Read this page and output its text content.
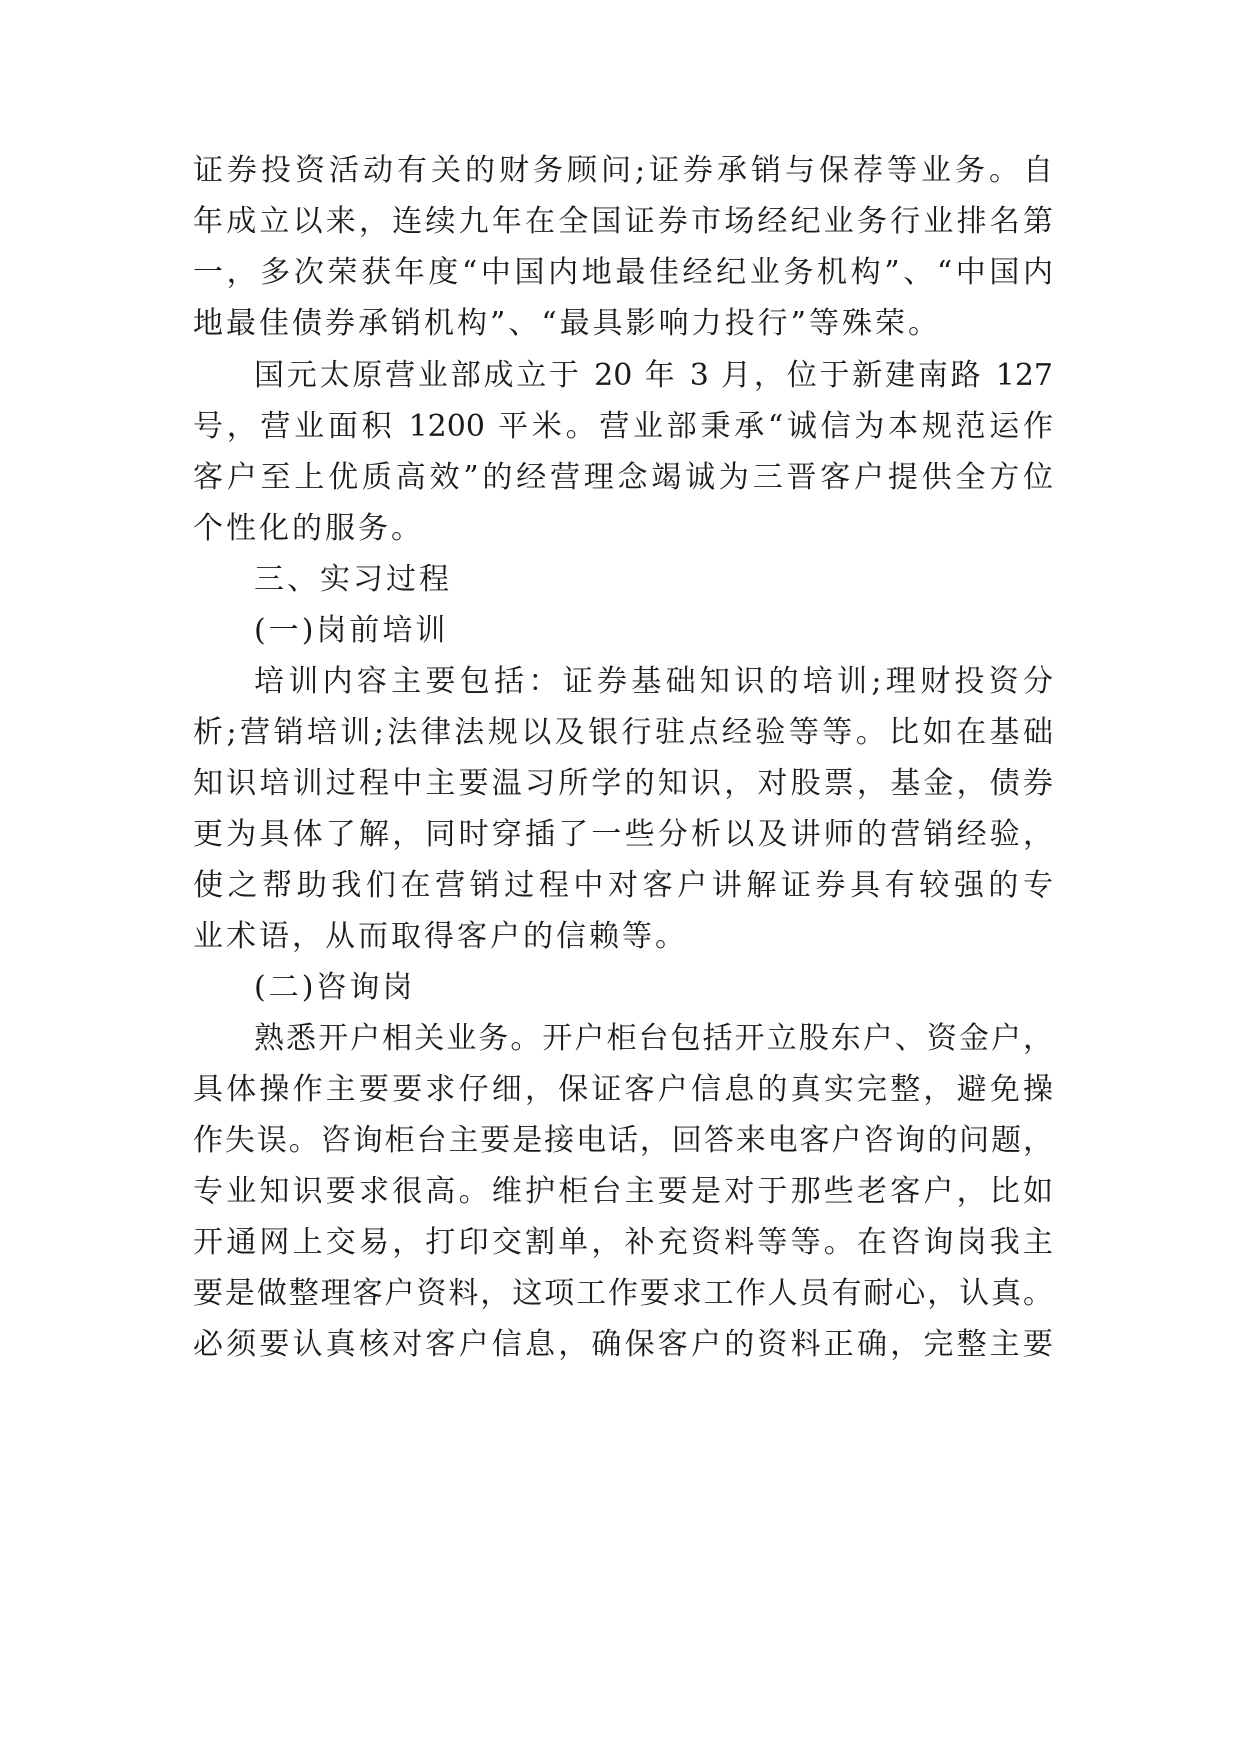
证券投资活动有关的财务顾问;证券承销与保荐等业务。自
年成立以来，连续九年在全国证券市场经纪业务行业排名第
一，多次荣获年度“中国内地最佳经纪业务机构”、“中国内
地最佳债券承销机构”、“最具影响力投行”等殊荣。
国元太原营业部成立于 20 年 3 月，位于新建南路 127
号，营业面积 1200 平米。营业部秉承“诚信为本规范运作
客户至上优质高效”的经营理念竭诚为三晋客户提供全方位
个性化的服务。
三、实习过程
(一)岗前培训
培训内容主要包括：证券基础知识的培训;理财投资分
析;营销培训;法律法规以及银行驻点经验等等。比如在基础
知识培训过程中主要温习所学的知识，对股票，基金，债券
更为具体了解，同时穿插了一些分析以及讲师的营销经验，
使之帮助我们在营销过程中对客户讲解证券具有较强的专
业术语，从而取得客户的信赖等。
(二)咨询岗
熟悉开户相关业务。开户柜台包括开立股东户、资金户，
具体操作主要要求仔细，保证客户信息的真实完整，避免操
作失误。咨询柜台主要是接电话，回答来电客户咨询的问题，
专业知识要求很高。维护柜台主要是对于那些老客户，比如
开通网上交易，打印交割单，补充资料等等。在咨询岗我主
要是做整理客户资料，这项工作要求工作人员有耐心，认真。
必须要认真核对客户信息，确保客户的资料正确，完整主要
